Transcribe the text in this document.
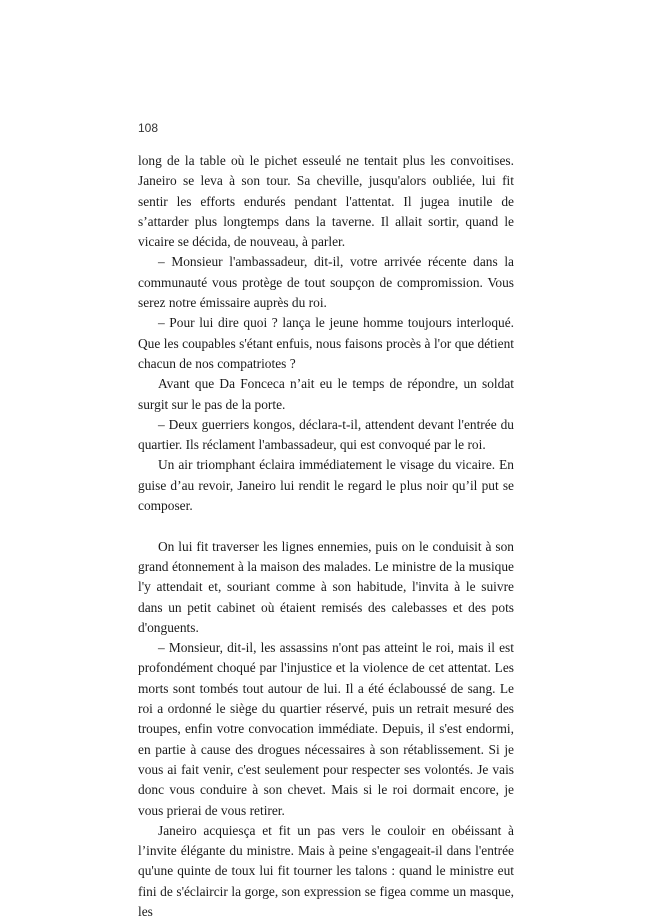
108

long de la table où le pichet esseulé ne tentait plus les convoitises. Janeiro se leva à son tour. Sa cheville, jusqu'alors oubliée, lui fit sentir les efforts endurés pendant l'attentat. Il jugea inutile de s’attarder plus longtemps dans la taverne. Il allait sortir, quand le vicaire se décida, de nouveau, à parler.

– Monsieur l'ambassadeur, dit-il, votre arrivée récente dans la communauté vous protège de tout soupçon de compromission. Vous serez notre émissaire auprès du roi.

– Pour lui dire quoi ? lança le jeune homme toujours interloqué. Que les coupables s'étant enfuis, nous faisons procès à l'or que détient chacun de nos compatriotes ?

Avant que Da Fonceca n’ait eu le temps de répondre, un soldat surgit sur le pas de la porte.

– Deux guerriers kongos, déclara-t-il, attendent devant l'entrée du quartier. Ils réclament l'ambassadeur, qui est convoqué par le roi.

Un air triomphant éclaira immédiatement le visage du vicaire. En guise d’au revoir, Janeiro lui rendit le regard le plus noir qu’il put se composer.

On lui fit traverser les lignes ennemies, puis on le conduisit à son grand étonnement à la maison des malades. Le ministre de la musique l'y attendait et, souriant comme à son habitude, l'invita à le suivre dans un petit cabinet où étaient remisés des calebasses et des pots d'onguents.

– Monsieur, dit-il, les assassins n'ont pas atteint le roi, mais il est profondément choqué par l'injustice et la violence de cet attentat. Les morts sont tombés tout autour de lui. Il a été éclaboussé de sang. Le roi a ordonné le siège du quartier réservé, puis un retrait mesuré des troupes, enfin votre convocation immédiate. Depuis, il s'est endormi, en partie à cause des drogues nécessaires à son rétablissement. Si je vous ai fait venir, c'est seulement pour respecter ses volontés. Je vais donc vous conduire à son chevet. Mais si le roi dormait encore, je vous prierai de vous retirer.

Janeiro acquiesça et fit un pas vers le couloir en obéissant à l’invite élégante du ministre. Mais à peine s'engageait-il dans l'entrée qu'une quinte de toux lui fit tourner les talons : quand le ministre eut fini de s'éclaircir la gorge, son expression se figea comme un masque, les
